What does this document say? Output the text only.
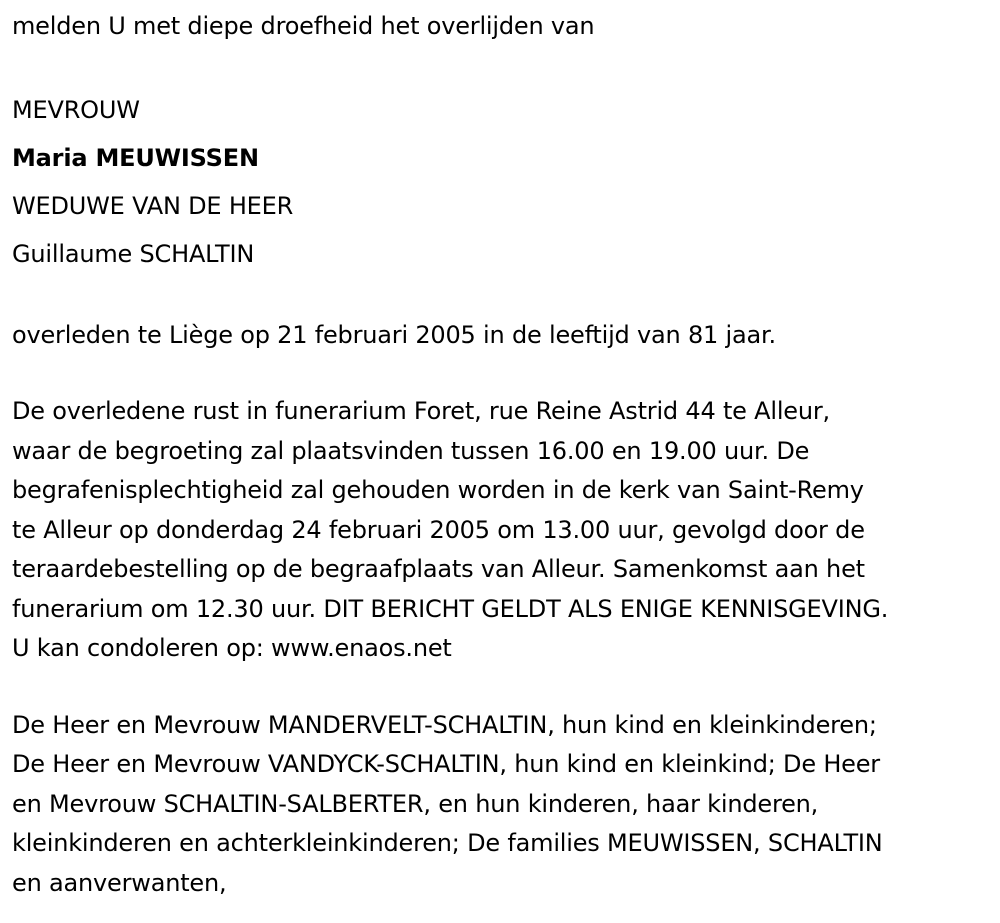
melden U met diepe droefheid het overlijden van
MEVROUW
Maria MEUWISSEN
WEDUWE VAN DE HEER
Guillaume SCHALTIN
overleden te Liège op 21 februari 2005 in de leeftijd van 81 jaar.
De overledene rust in funerarium Foret, rue Reine Astrid 44 te Alleur,
waar de begroeting zal plaatsvinden tussen 16.00 en 19.00 uur. De
begrafenisplechtigheid zal gehouden worden in de kerk van Saint-Remy
te Alleur op donderdag 24 februari 2005 om 13.00 uur, gevolgd door de
teraardebestelling op de begraafplaats van Alleur. Samenkomst aan het
funerarium om 12.30 uur. DIT BERICHT GELDT ALS ENIGE KENNISGEVING.
U kan condoleren op: www.enaos.net
De Heer en Mevrouw MANDERVELT-SCHALTIN, hun kind en kleinkinderen;
De Heer en Mevrouw VANDYCK-SCHALTIN, hun kind en kleinkind; De Heer
en Mevrouw SCHALTIN-SALBERTER, en hun kinderen, haar kinderen,
kleinkinderen en achterkleinkinderen; De families MEUWISSEN, SCHALTIN
en aanverwanten,
